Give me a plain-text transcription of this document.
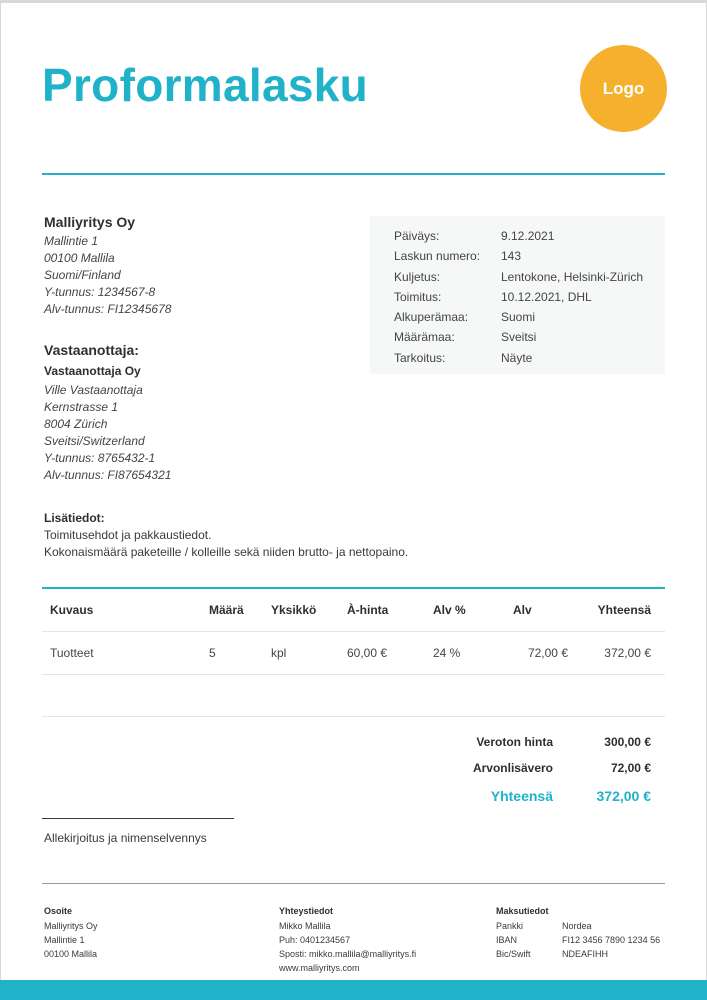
Proformalasku	Logo
Malliyritys Oy
Mallintie 1
00100 Mallila
Suomi/Finland
Y-tunnus: 1234567-8
Alv-tunnus: FI12345678
Vastaanottaja:
Vastaanottaja Oy
Ville Vastaanottaja
Kernstrasse 1
8004 Zürich
Sveitsi/Switzerland
Y-tunnus: 8765432-1
Alv-tunnus: FI87654321
Päiväys:	9.12.2021
Laskun numero:	143
Kuljetus:	Lentokone, Helsinki-Zürich
Toimitus:	10.12.2021, DHL
Alkuperämaa:	Suomi
Määrämaa:	Sveitsi
Tarkoitus:	Näyte
Lisätiedot:
Toimitusehdot ja pakkaustiedot.
Kokonaismäärä paketeille / kolleille sekä niiden brutto- ja nettopaino.
Kuvaus	Määrä	Yksikkö	À-hinta	Alv %	Alv	Yhteensä
Tuotteet	5	kpl	60,00 €	24 %	72,00 €	372,00 €
Veroton hinta	300,00 €
Arvonlisävero	72,00 €
Yhteensä	372,00 €
Allekirjoitus ja nimenselvennys
Osoite
Malliyritys Oy
Mallintie 1
00100 Mallila
Yhteystiedot
Mikko Mallila
Puh: 0401234567
Sposti: mikko.mallila@malliyritys.fi
www.malliyritys.com
Maksutiedot
Pankki	Nordea
IBAN	FI12 3456 7890 1234 56
Bic/Swift	NDEAFIHH
